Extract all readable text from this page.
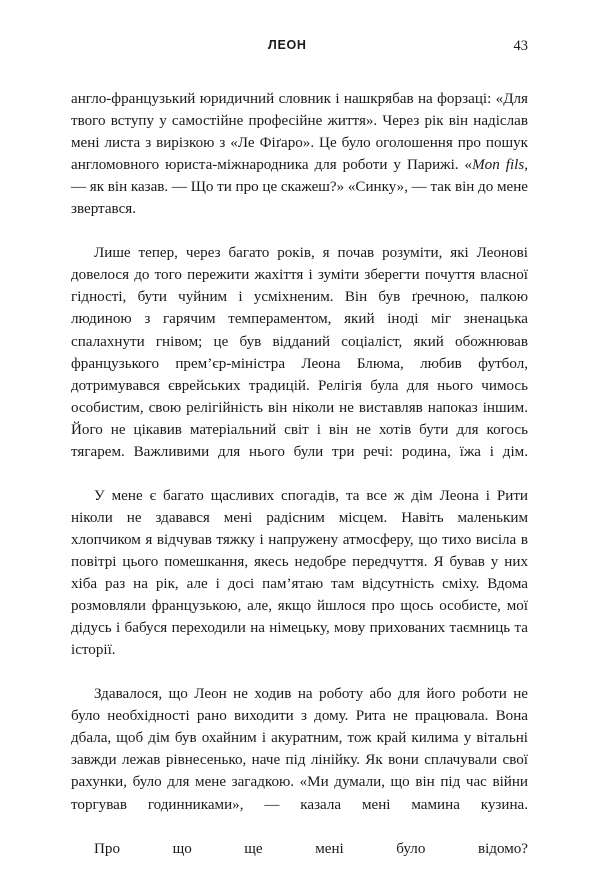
ЛЕОН	43

англо-французький юридичний словник і нашкрябав на форзаці: «Для твого вступу у самостійне професійне життя». Через рік він надіслав мені листа з вирізкою з «Ле Фіґаро». Це було оголошення про пошук англомовного юриста-міжнародника для роботи у Парижі. «Mon fils, — як він казав. — Що ти про це скажеш?» «Синку», — так він до мене звертався.

Лише тепер, через багато років, я почав розуміти, які Леонові довелося до того пережити жахіття і зуміти зберегти почуття власної гідності, бути чуйним і усміхненим. Він був ґречною, палкою людиною з гарячим темпераментом, який іноді міг зненацька спалахнути гнівом; це був відданий соціаліст, який обожнював французького прем’єр-міністра Леона Блюма, любив футбол, дотримувався єврейських традицій. Релігія була для нього чимось особистим, свою релігійність він ніколи не виставляв напоказ іншим. Його не цікавив матеріальний світ і він не хотів бути для когось тягарем. Важливими для нього були три речі: родина, їжа і дім.

У мене є багато щасливих спогадів, та все ж дім Леона і Рити ніколи не здавався мені радісним місцем. Навіть маленьким хлопчиком я відчував тяжку і напружену атмосферу, що тихо висіла в повітрі цього помешкання, якесь недобре передчуття. Я бував у них хіба раз на рік, але і досі пам’ятаю там відсутність сміху. Вдома розмовляли французькою, але, якщо йшлося про щось особисте, мої дідусь і бабуся переходили на німецьку, мову прихованих таємниць та історії.

Здавалося, що Леон не ходив на роботу або для його роботи не було необхідності рано виходити з дому. Рита не працювала. Вона дбала, щоб дім був охайним і акуратним, тож край килима у вітальні завжди лежав рівнесенько, наче під лінійку. Як вони сплачували свої рахунки, було для мене загадкою. «Ми думали, що він під час війни торгував годинниками», — казала мені мамина кузина.

Про що ще мені було відомо?
